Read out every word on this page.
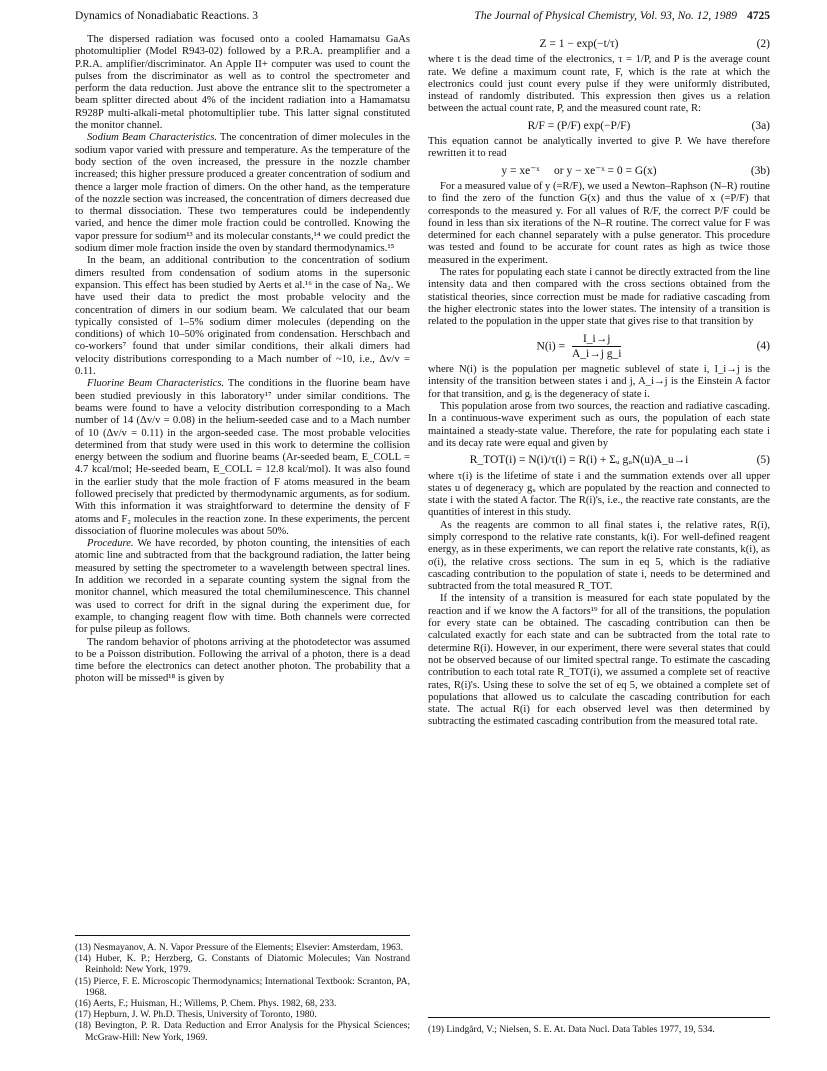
Dynamics of Nonadiabatic Reactions. 3	The Journal of Physical Chemistry, Vol. 93, No. 12, 1989 4725

The dispersed radiation was focused onto a cooled Hamamatsu GaAs photomultiplier (Model R943-02) followed by a P.R.A. preamplifier and a P.R.A. amplifier/discriminator. An Apple II+ computer was used to count the pulses from the discriminator as well as to control the spectrometer and perform the data reduction. Just above the entrance slit to the spectrometer a beam splitter directed about 4% of the incident radiation into a Hamamatsu R928P multi-alkali-metal photomultiplier tube. This latter signal constituted the monitor channel.

Sodium Beam Characteristics. The concentration of dimer molecules in the sodium vapor varied with pressure and temperature. As the temperature of the body section of the oven increased, the pressure in the nozzle chamber increased; this higher pressure produced a greater concentration of sodium and thence a larger mole fraction of dimers. On the other hand, as the temperature of the nozzle section was increased, the concentration of dimers decreased due to thermal dissociation. These two temperatures could be independently varied, and hence the dimer mole fraction could be controlled. Knowing the vapor pressure for sodium¹³ and its molecular constants,¹⁴ we could predict the sodium dimer mole fraction inside the oven by standard thermodynamics.¹⁵

In the beam, an additional contribution to the concentration of sodium dimers resulted from condensation of sodium atoms in the supersonic expansion. This effect has been studied by Aerts et al.¹⁶ in the case of Na₂. We have used their data to predict the most probable velocity and the concentration of dimers in our sodium beam. We calculated that our beam typically consisted of 1–5% sodium dimer molecules (depending on the conditions) of which 10–50% originated from condensation. Herschbach and co-workers⁷ found that under similar conditions, their alkali dimers had velocity distributions corresponding to a Mach number of ~10, i.e., Δv/v = 0.11.

Fluorine Beam Characteristics. The conditions in the fluorine beam have been studied previously in this laboratory¹⁷ under similar conditions. The beams were found to have a velocity distribution corresponding to a Mach number of 14 (Δv/v = 0.08) in the helium-seeded case and to a Mach number of 10 (Δv/v = 0.11) in the argon-seeded case. The most probable velocities determined from that study were used in this work to determine the collision energy between the sodium and fluorine beams (Ar-seeded beam, E_COLL = 4.7 kcal/mol; He-seeded beam, E_COLL = 12.8 kcal/mol). It was also found in the earlier study that the mole fraction of F atoms measured in the beam followed precisely that predicted by thermodynamic arguments, as for sodium. With this information it was straightforward to determine the density of F atoms and F₂ molecules in the reaction zone. In these experiments, the percent dissociation of fluorine molecules was about 50%.

Procedure. We have recorded, by photon counting, the intensities of each atomic line and subtracted from that the background radiation, the latter being measured by setting the spectrometer to a wavelength between spectral lines. In addition we recorded in a separate counting system the signal from the monitor channel, which measured the total chemiluminescence. This channel was used to correct for drift in the signal during the experiment due, for example, to changing reagent flow with time. Both channels were corrected for pulse pileup as follows.

The random behavior of photons arriving at the photodetector was assumed to be a Poisson distribution. Following the arrival of a photon, there is a dead time before the electronics can detect another photon. The probability that a photon will be missed¹⁸ is given by

Z = 1 − exp(−t/τ)	(2)

where t is the dead time of the electronics, τ = 1/P, and P is the average count rate. We define a maximum count rate, F, which is the rate at which the electronics could just count every pulse if they were uniformly distributed, instead of randomly distributed. This expression then gives us a relation between the actual count rate, P, and the measured count rate, R:

R/F = (P/F) exp(−P/F)	(3a)

This equation cannot be analytically inverted to give P. We have therefore rewritten it to read

y = xe⁻ˣ     or y − xe⁻ˣ = 0 = G(x)	(3b)

For a measured value of y (=R/F), we used a Newton–Raphson (N–R) routine to find the zero of the function G(x) and thus the value of x (=P/F) that corresponds to the measured y. For all values of R/F, the correct P/F could be found in less than six iterations of the N–R routine. The correct value for F was determined for each channel separately with a pulse generator. This procedure was tested and found to be accurate for count rates as high as twice those measured in the experiment.

The rates for populating each state i cannot be directly extracted from the line intensity data and then compared with the cross sections obtained from the statistical theories, since correction must be made for radiative cascading from the higher electronic states into the lower states. The intensity of a transition is related to the population in the upper state that gives rise to that transition by

$N(i) = \frac{I\_i\to j}{\text{A\_i→j g\_i}}$	(4)

where N(i) is the population per magnetic sublevel of state i, I_i→j is the intensity of the transition between states i and j, A_i→j is the Einstein A factor for that transition, and gᵢ is the degeneracy of state i.

This population arose from two sources, the reaction and radiative cascading. In a continuous-wave experiment such as ours, the population of each state maintained a steady-state value. Therefore, the rate for populating each state i and its decay rate were equal and given by

R_TOT(i) = N(i)/τ(i) = R(i) + Σᵤ gᵤN(u)A_u→i	(5)

where τ(i) is the lifetime of state i and the summation extends over all upper states u of degeneracy gᵤ which are populated by the reaction and connected to state i with the stated A factor. The R(i)'s, i.e., the reactive rate constants, are the quantities of interest in this study.

As the reagents are common to all final states i, the relative rates, R(i), simply correspond to the relative rate constants, k(i). For well-defined reagent energy, as in these experiments, we can report the relative rate constants, k(i), as σ(i), the relative cross sections. The sum in eq 5, which is the radiative cascading contribution to the population of state i, needs to be determined and subtracted from the total measured R_TOT.

If the intensity of a transition is measured for each state populated by the reaction and if we know the A factors¹⁹ for all of the transitions, the population for every state can be obtained. The cascading contribution can then be calculated exactly for each state and can be subtracted from the total rate to determine R(i). However, in our experiment, there were several states that could not be observed because of our limited spectral range. To estimate the cascading contribution to each total rate R_TOT(i), we assumed a complete set of reactive rates, R(i)'s. Using these to solve the set of eq 5, we obtained a complete set of populations that allowed us to calculate the cascading contribution for each state. The actual R(i) for each observed level was then determined by subtracting the estimated cascading contribution from the measured total rate.

(13) Nesmayanov, A. N. Vapor Pressure of the Elements; Elsevier: Amsterdam, 1963.
(14) Huber, K. P.; Herzberg, G. Constants of Diatomic Molecules; Van Nostrand Reinhold: New York, 1979.
(15) Pierce, F. E. Microscopic Thermodynamics; International Textbook: Scranton, PA, 1968.
(16) Aerts, F.; Huisman, H.; Willems, P. Chem. Phys. 1982, 68, 233.
(17) Hepburn, J. W. Ph.D. Thesis, University of Toronto, 1980.
(18) Bevington, P. R. Data Reduction and Error Analysis for the Physical Sciences; McGraw-Hill: New York, 1969.
(19) Lindgård, V.; Nielsen, S. E. At. Data Nucl. Data Tables 1977, 19, 534.
